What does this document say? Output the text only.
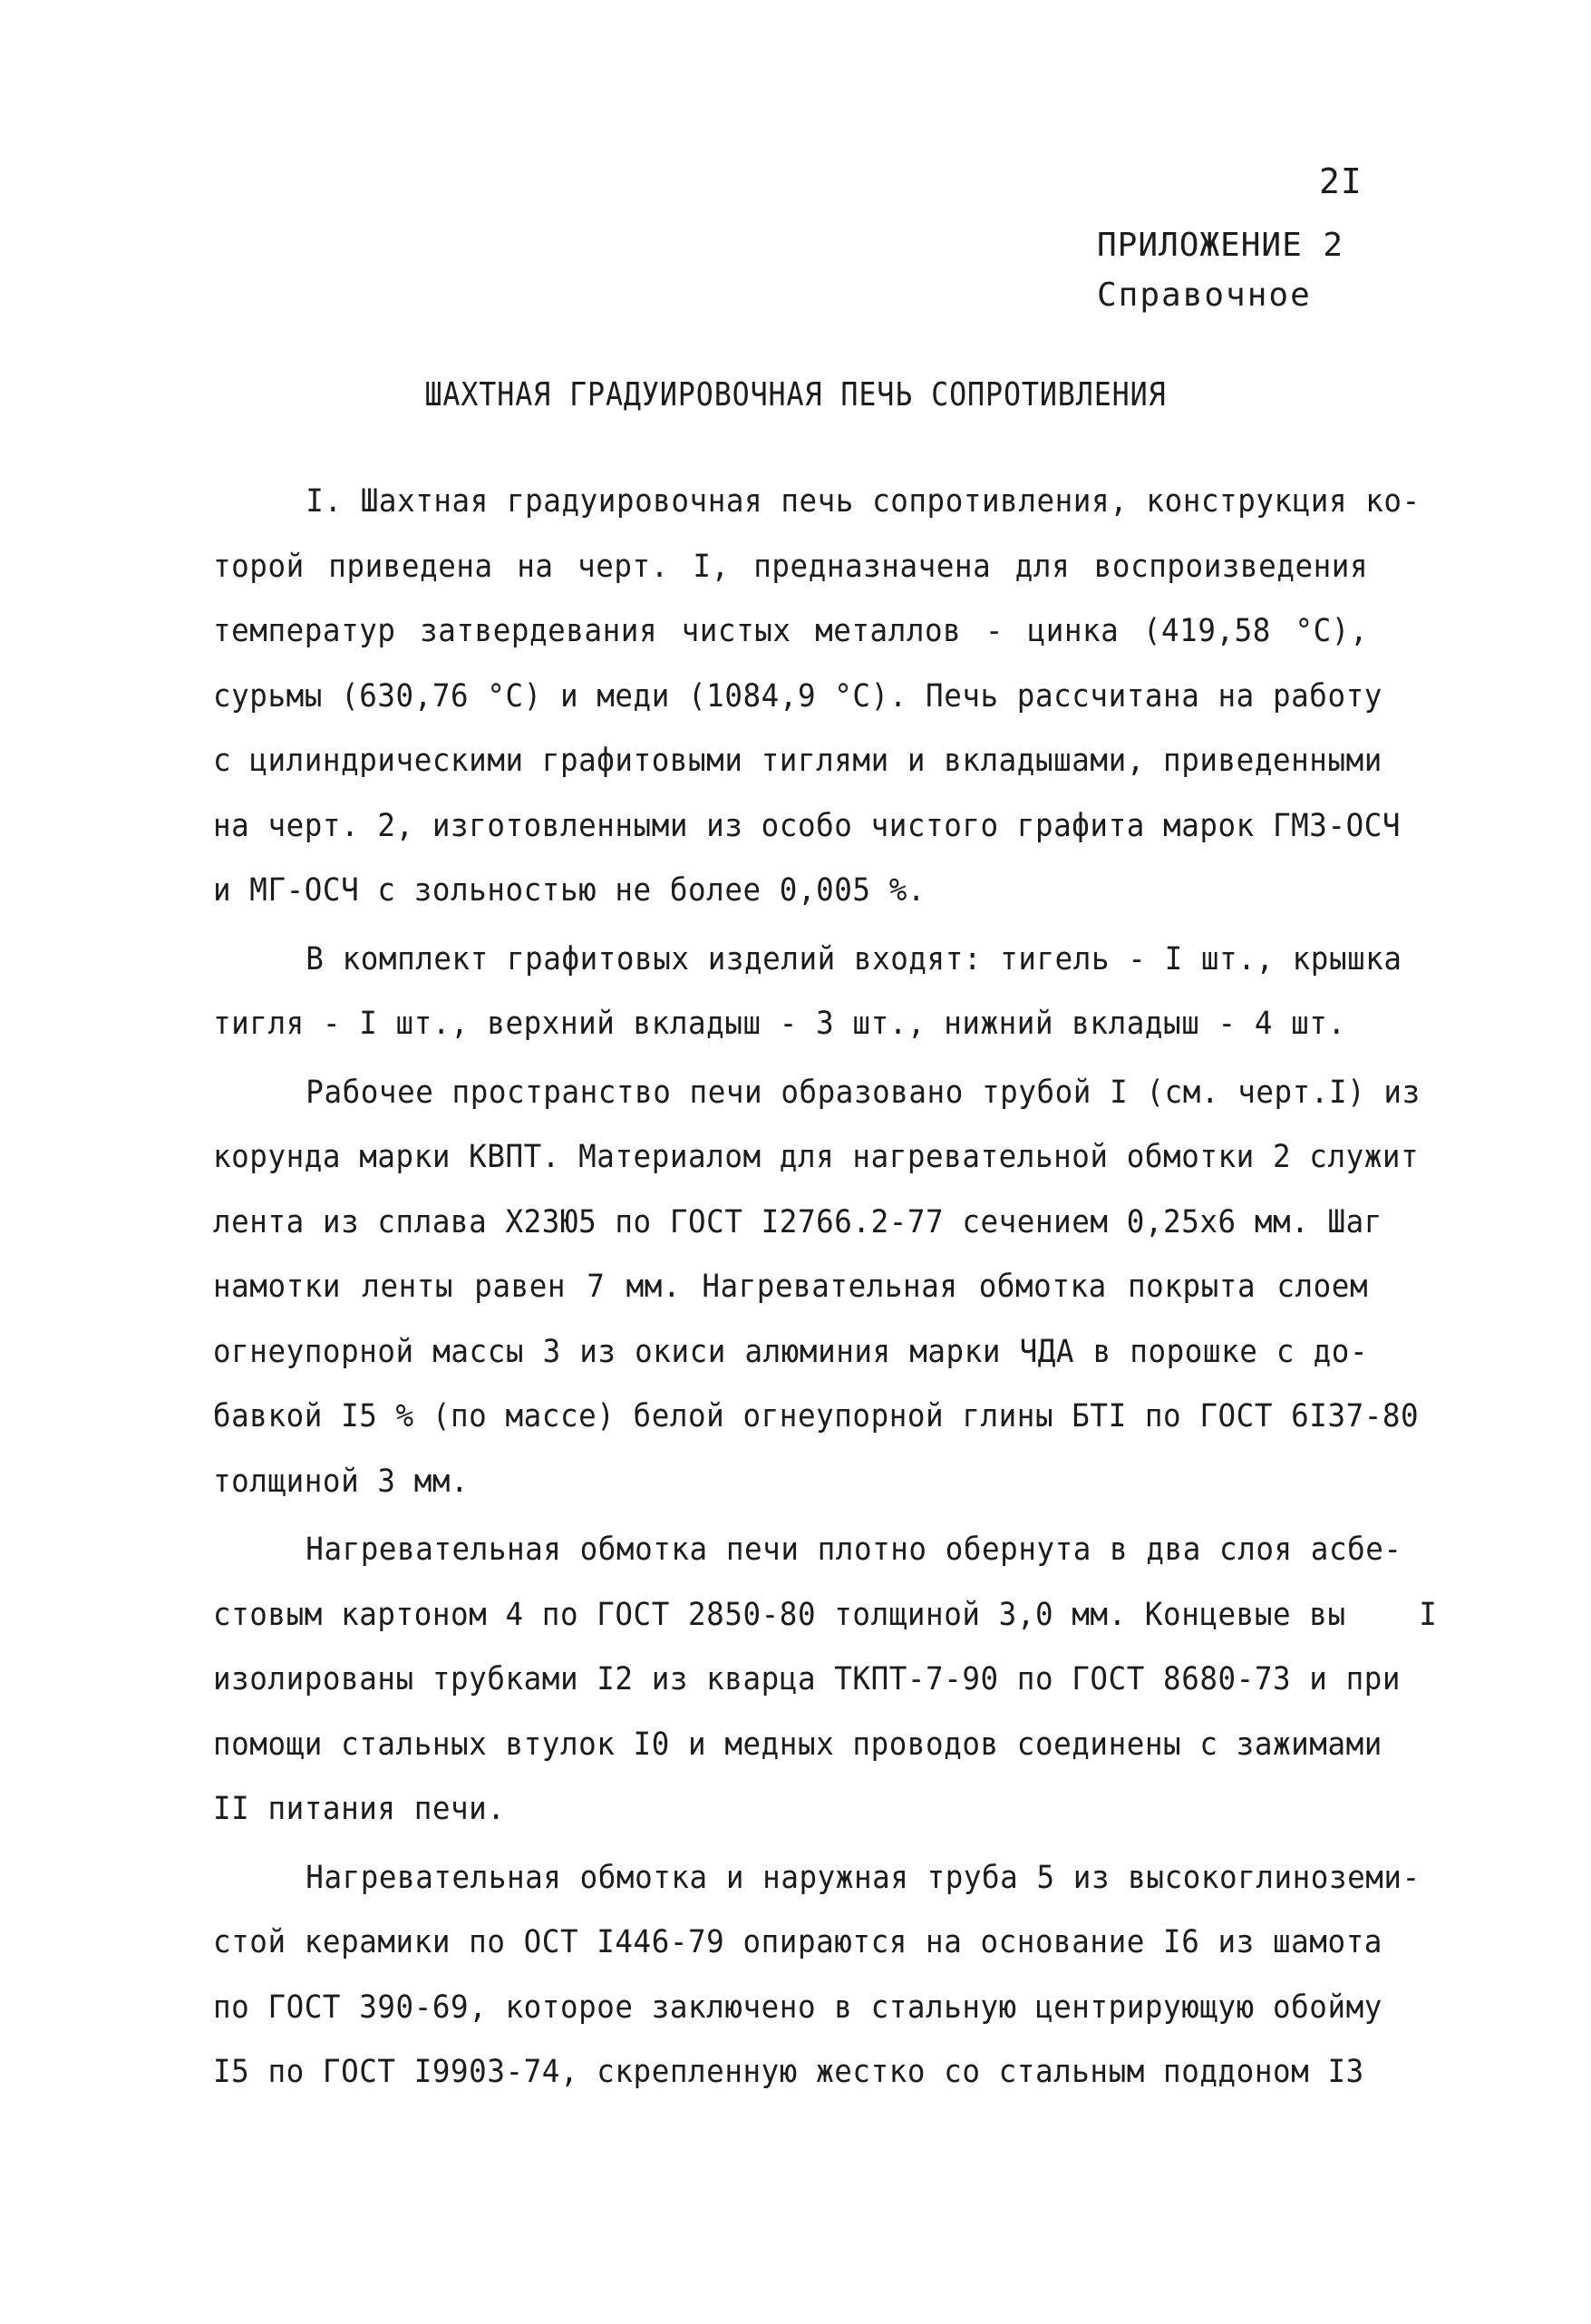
2I
ПРИЛОЖЕНИЕ 2
Справочное
ШАХТНАЯ ГРАДУИРОВОЧНАЯ ПЕЧЬ СОПРОТИВЛЕНИЯ
I. Шахтная градуировочная печь сопротивления, конструкция ко-
торой приведена на черт. I, предназначена для воспроизведения
температур затвердевания чистых металлов - цинка (419,58 °С),
сурьмы (630,76 °С) и меди (1084,9 °С). Печь рассчитана на работу
с цилиндрическими графитовыми тиглями и вкладышами, приведенными
на черт. 2, изготовленными из особо чистого графита марок ГМЗ-ОСЧ
и МГ-ОСЧ с зольностью не более 0,005 %.
В комплект графитовых изделий входят: тигель - I шт., крышка
тигля - I шт., верхний вкладыш - 3 шт., нижний вкладыш - 4 шт.
Рабочее пространство печи образовано трубой I (см. черт.I) из
корунда марки КВПТ. Материалом для нагревательной обмотки 2 служит
лента из сплава Х23Ю5 по ГОСТ I2766.2-77 сечением 0,25х6 мм. Шаг
намотки ленты равен 7 мм. Нагревательная обмотка покрыта слоем
огнеупорной массы 3 из окиси алюминия марки ЧДА в порошке с до-
бавкой I5 % (по массе) белой огнеупорной глины БТI по ГОСТ 6I37-80
толщиной 3 мм.
Нагревательная обмотка печи плотно обернута в два слоя асбе-
стовым картоном 4 по ГОСТ 2850-80 толщиной 3,0 мм. Концевые вы    I
изолированы трубками I2 из кварца ТКПТ-7-90 по ГОСТ 8680-73 и при
помощи стальных втулок I0 и медных проводов соединены с зажимами
II питания печи.
Нагревательная обмотка и наружная труба 5 из высокоглиноземи-
стой керамики по ОСТ I446-79 опираются на основание I6 из шамота
по ГОСТ 390-69, которое заключено в стальную центрирующую обойму
I5 по ГОСТ I9903-74, скрепленную жестко со стальным поддоном I3
